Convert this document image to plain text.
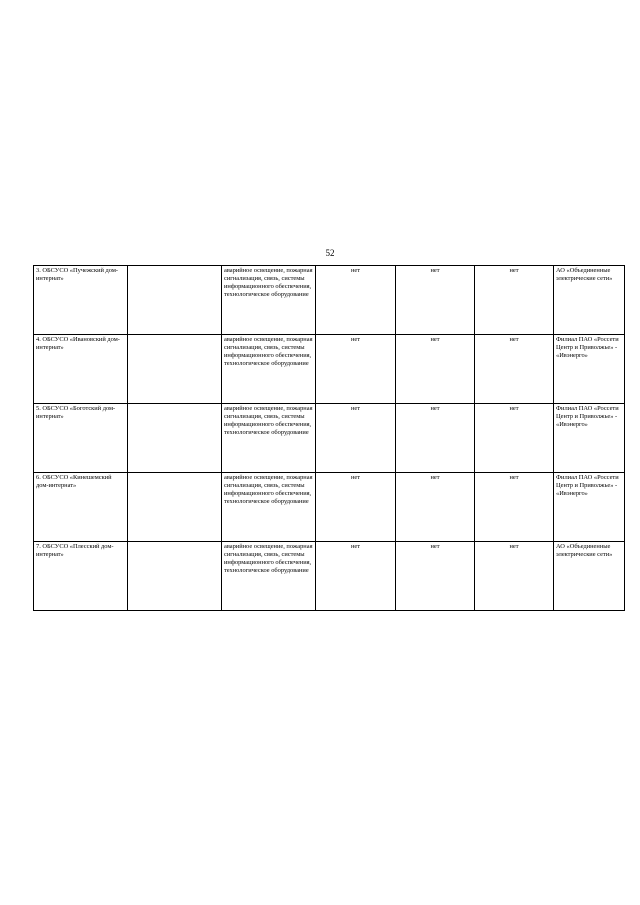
52
3. ОБСУСО «Пучежский дом-интернат»		аварийное освещение, пожарная сигнализация, связь, системы информационного обеспечения, технологическое оборудование	нет	нет	нет	АО «Объединенные электрические сети»
4. ОБСУСО «Ивановский дом-интернат»		аварийное освещение, пожарная сигнализация, связь, системы информационного обеспечения, технологическое оборудование	нет	нет	нет	Филиал ПАО «Россети Центр и Приволжье» - «Ивэнерго»
5. ОБСУСО «Боготский дом-интернат»		аварийное освещение, пожарная сигнализация, связь, системы информационного обеспечения, технологическое оборудование	нет	нет	нет	Филиал ПАО «Россети Центр и Приволжье» - «Ивэнерго»
6. ОБСУСО «Кинешемский дом-интернат»		аварийное освещение, пожарная сигнализация, связь, системы информационного обеспечения, технологическое оборудование	нет	нет	нет	Филиал ПАО «Россети Центр и Приволжье» - «Ивэнерго»
7. ОБСУСО «Плесский дом-интернат»		аварийное освещение, пожарная сигнализация, связь, системы информационного обеспечения, технологическое оборудование	нет	нет	нет	АО «Объединенные электрические сети»
